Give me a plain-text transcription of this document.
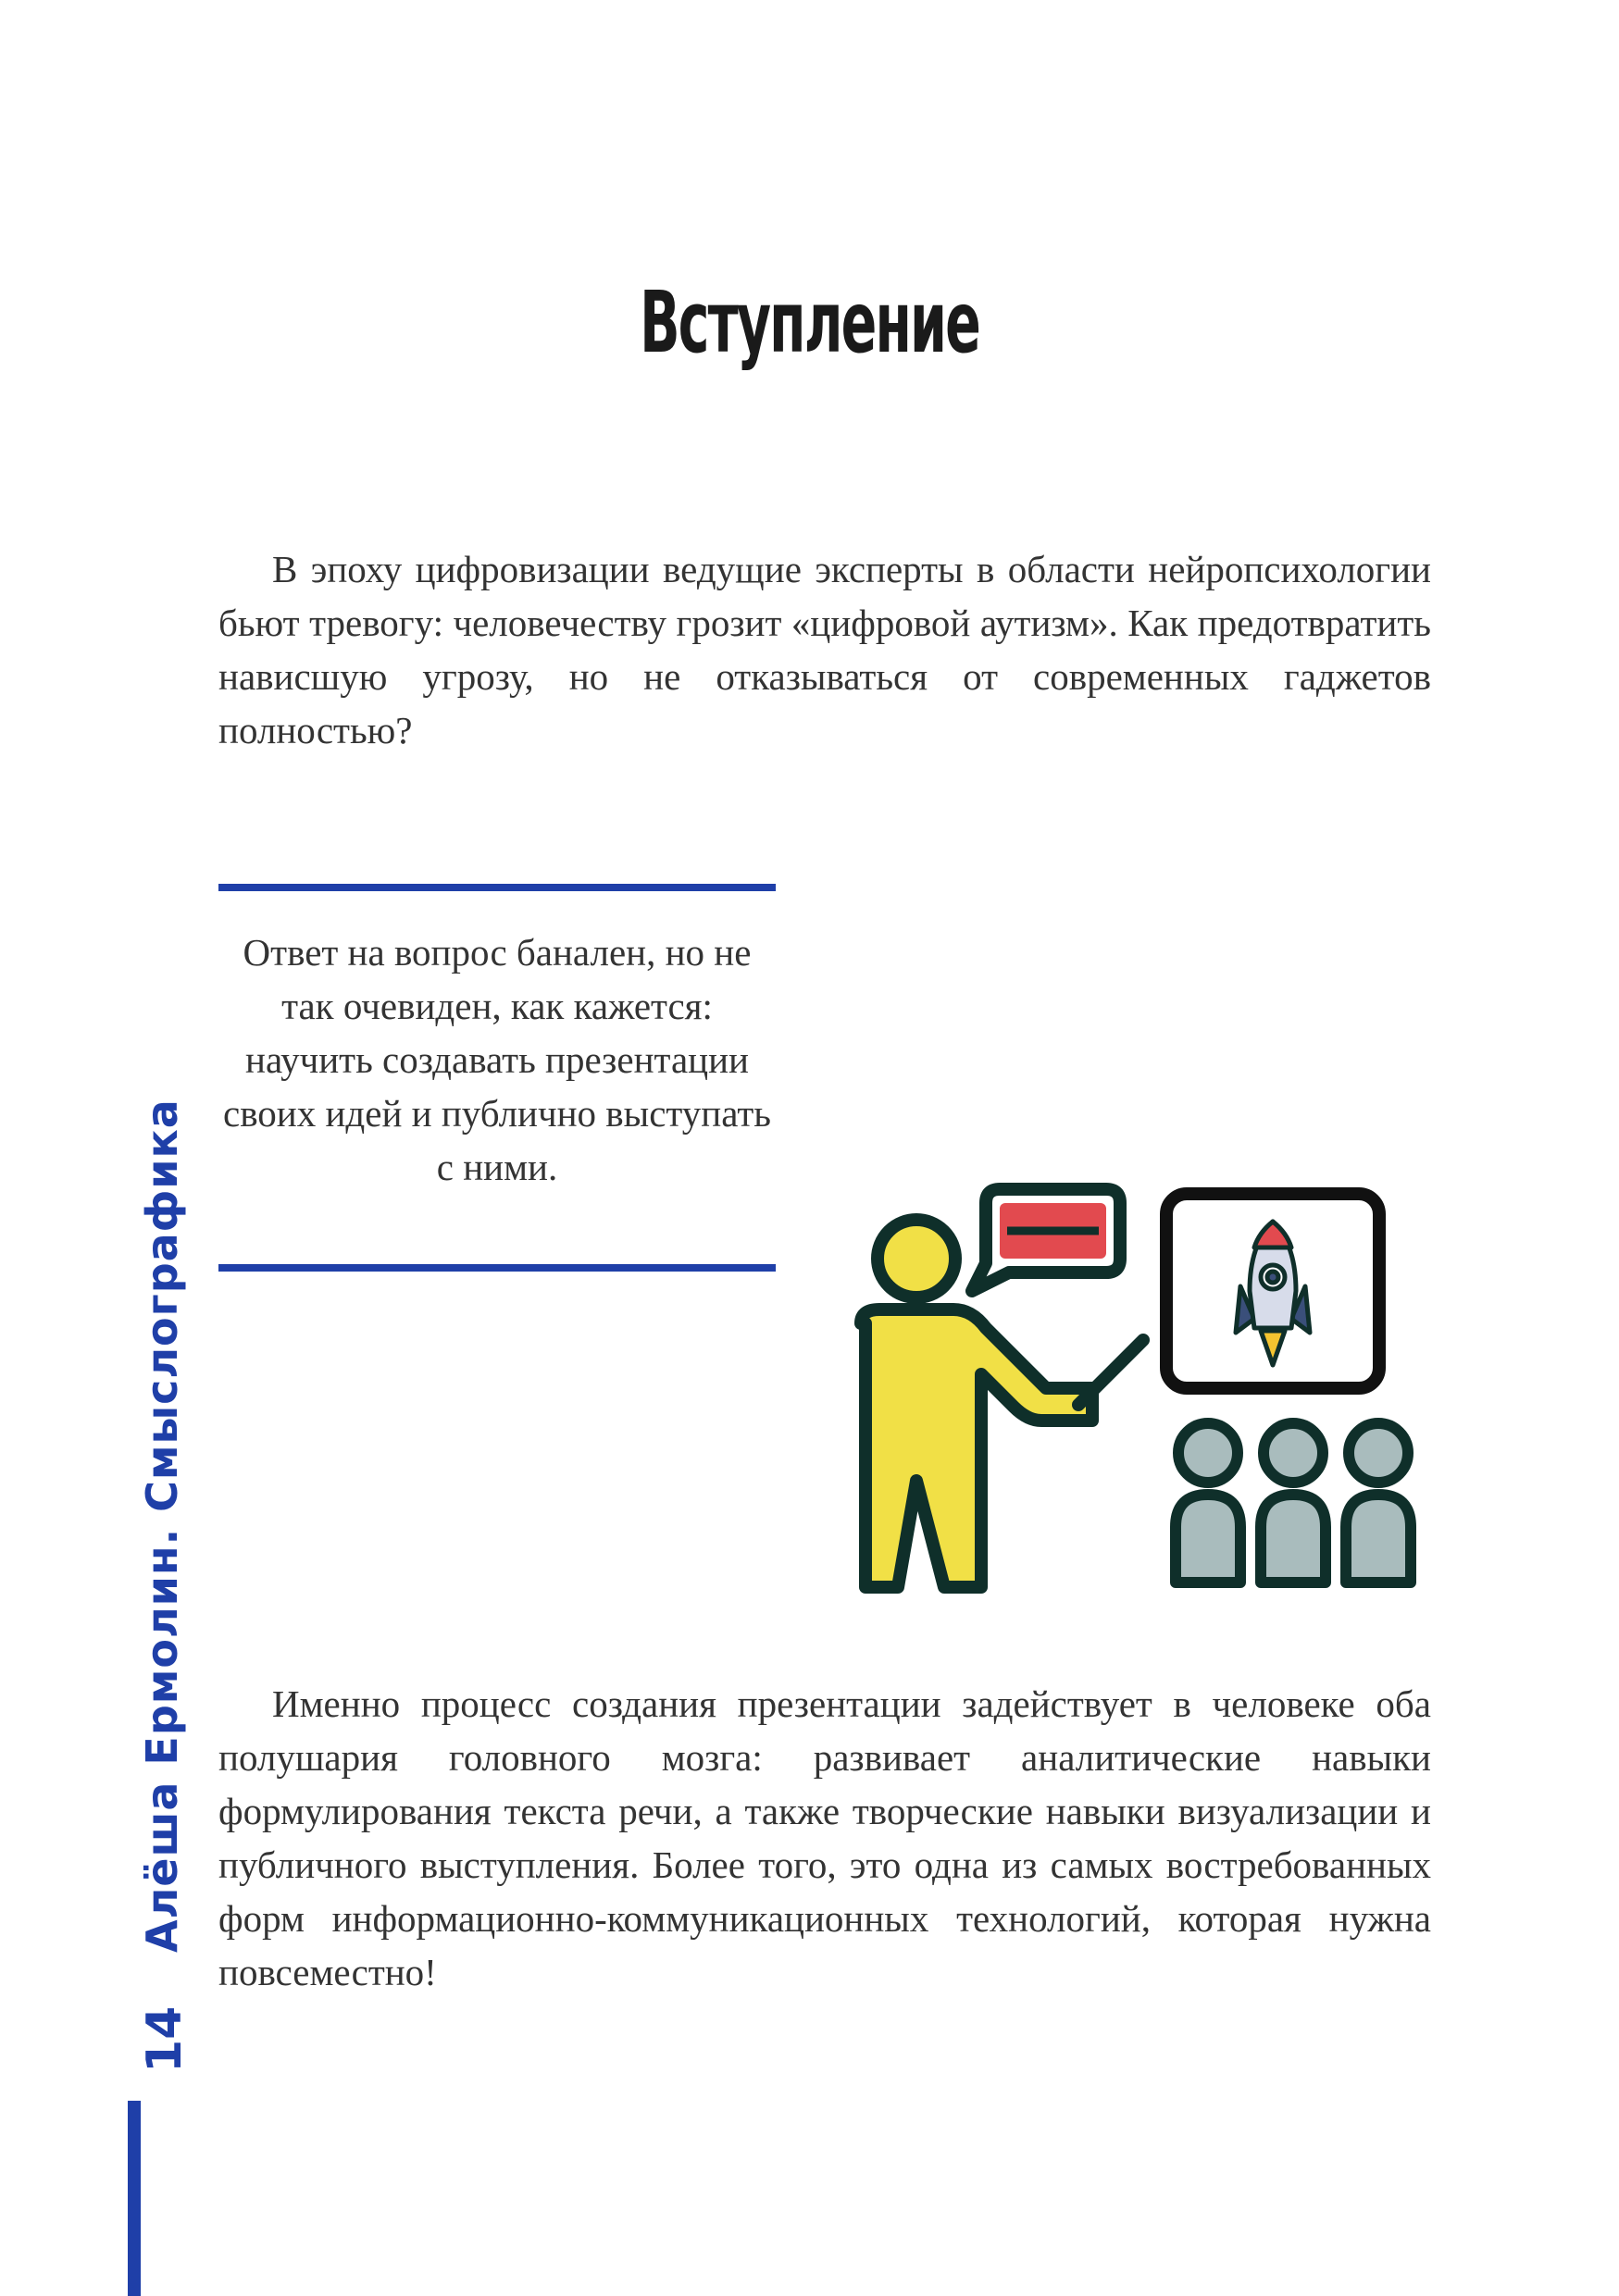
Вступление

В эпоху цифровизации ведущие эксперты в области нейропсихологии бьют тревогу: человечеству грозит «цифровой аутизм». Как предотвратить нависшую угрозу, но не отказываться от современных гаджетов полностью?

Ответ на вопрос банален, но не так очевиден, как кажется: научить создавать презентации своих идей и публично выступать с ними.

Именно процесс создания презентации задействует в человеке оба полушария головного мозга: развивает аналитические навыки формулирования текста речи, а также творческие навыки визуализации и публичного выступления. Более того, это одна из самых востребованных форм информационно-коммуникационных технологий, которая нужна повсеместно!

Алёша Ермолин. Смыслографика
14
